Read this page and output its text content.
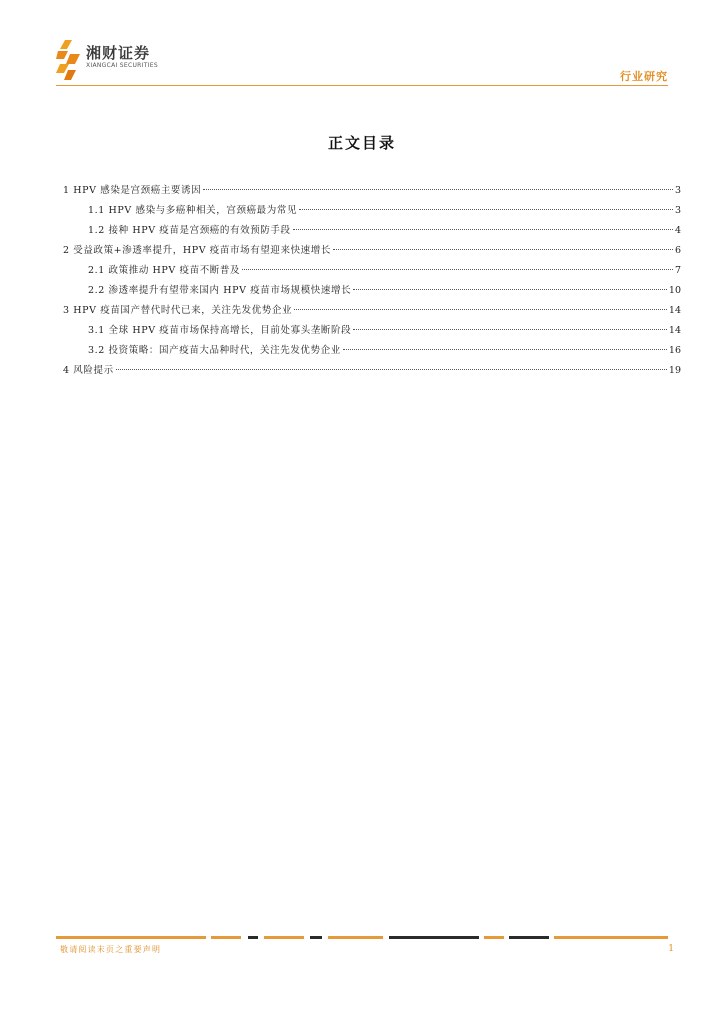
湘财证券
XIANGCAI SECURITIES
行业研究
正文目录
1 HPV 感染是宫颈癌主要诱因	3
1.1 HPV 感染与多癌种相关，宫颈癌最为常见	3
1.2 接种 HPV 疫苗是宫颈癌的有效预防手段	4
2 受益政策+渗透率提升，HPV 疫苗市场有望迎来快速增长	6
2.1 政策推动 HPV 疫苗不断普及	7
2.2 渗透率提升有望带来国内 HPV 疫苗市场规模快速增长	10
3 HPV 疫苗国产替代时代已来，关注先发优势企业	14
3.1 全球 HPV 疫苗市场保持高增长，目前处寡头垄断阶段	14
3.2 投资策略：国产疫苗大品种时代，关注先发优势企业	16
4 风险提示	19
敬请阅读末页之重要声明	1
